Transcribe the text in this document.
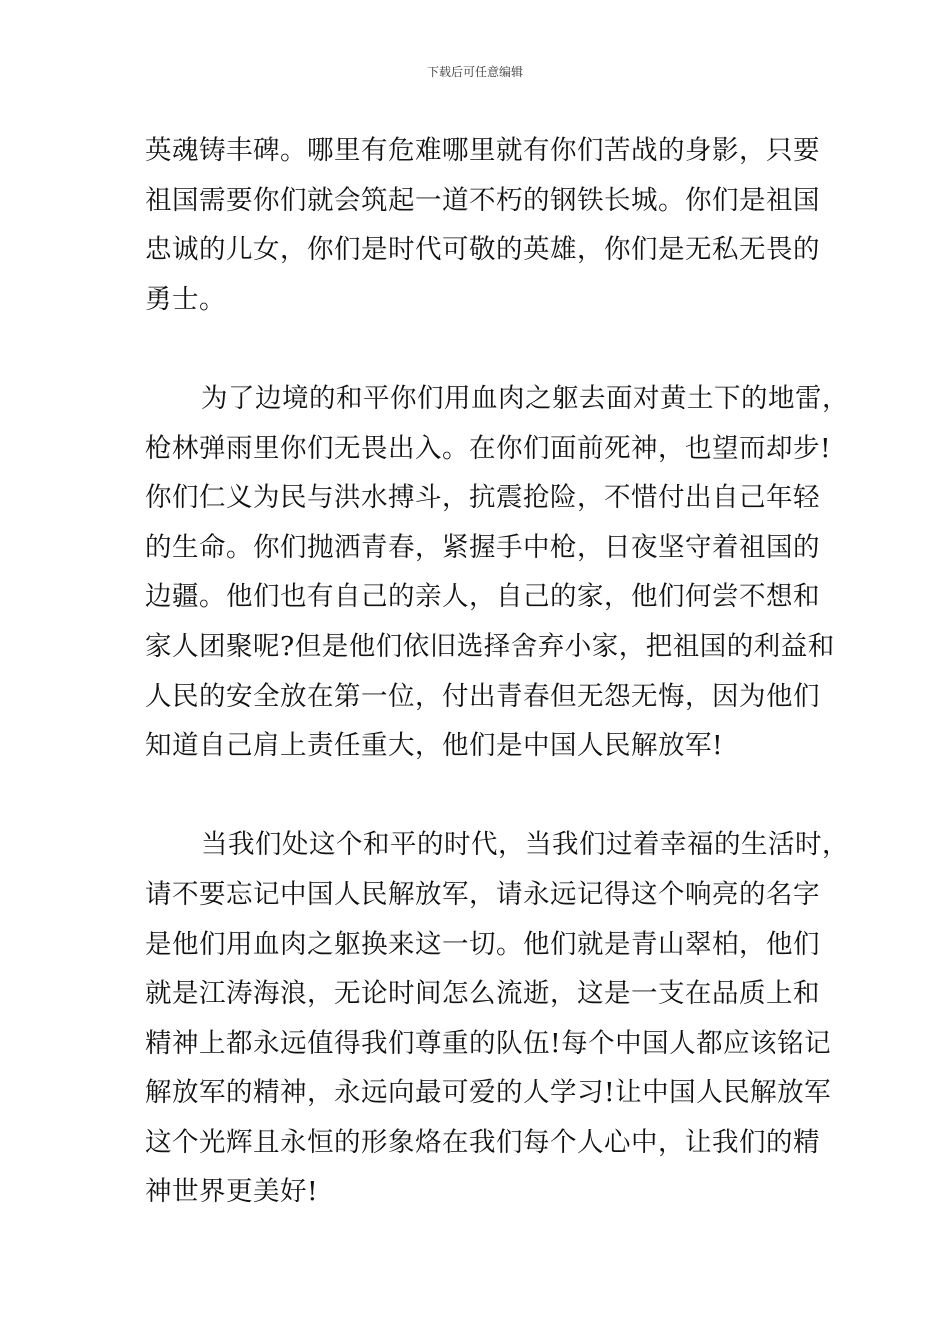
下载后可任意编辑
英魂铸丰碑。哪里有危难哪里就有你们苦战的身影，只要
祖国需要你们就会筑起一道不朽的钢铁长城。你们是祖国
忠诚的儿女，你们是时代可敬的英雄，你们是无私无畏的
勇士。
为了边境的和平你们用血肉之躯去面对黄土下的地雷，
枪林弹雨里你们无畏出入。在你们面前死神，也望而却步!
你们仁义为民与洪水搏斗，抗震抢险，不惜付出自己年轻
的生命。你们抛洒青春，紧握手中枪，日夜坚守着祖国的
边疆。他们也有自己的亲人，自己的家，他们何尝不想和
家人团聚呢?但是他们依旧选择舍弃小家，把祖国的利益和
人民的安全放在第一位，付出青春但无怨无悔，因为他们
知道自己肩上责任重大，他们是中国人民解放军!
当我们处这个和平的时代，当我们过着幸福的生活时，
请不要忘记中国人民解放军，请永远记得这个响亮的名字
是他们用血肉之躯换来这一切。他们就是青山翠柏，他们
就是江涛海浪，无论时间怎么流逝，这是一支在品质上和
精神上都永远值得我们尊重的队伍!每个中国人都应该铭记
解放军的精神，永远向最可爱的人学习!让中国人民解放军
这个光辉且永恒的形象烙在我们每个人心中，让我们的精
神世界更美好!
